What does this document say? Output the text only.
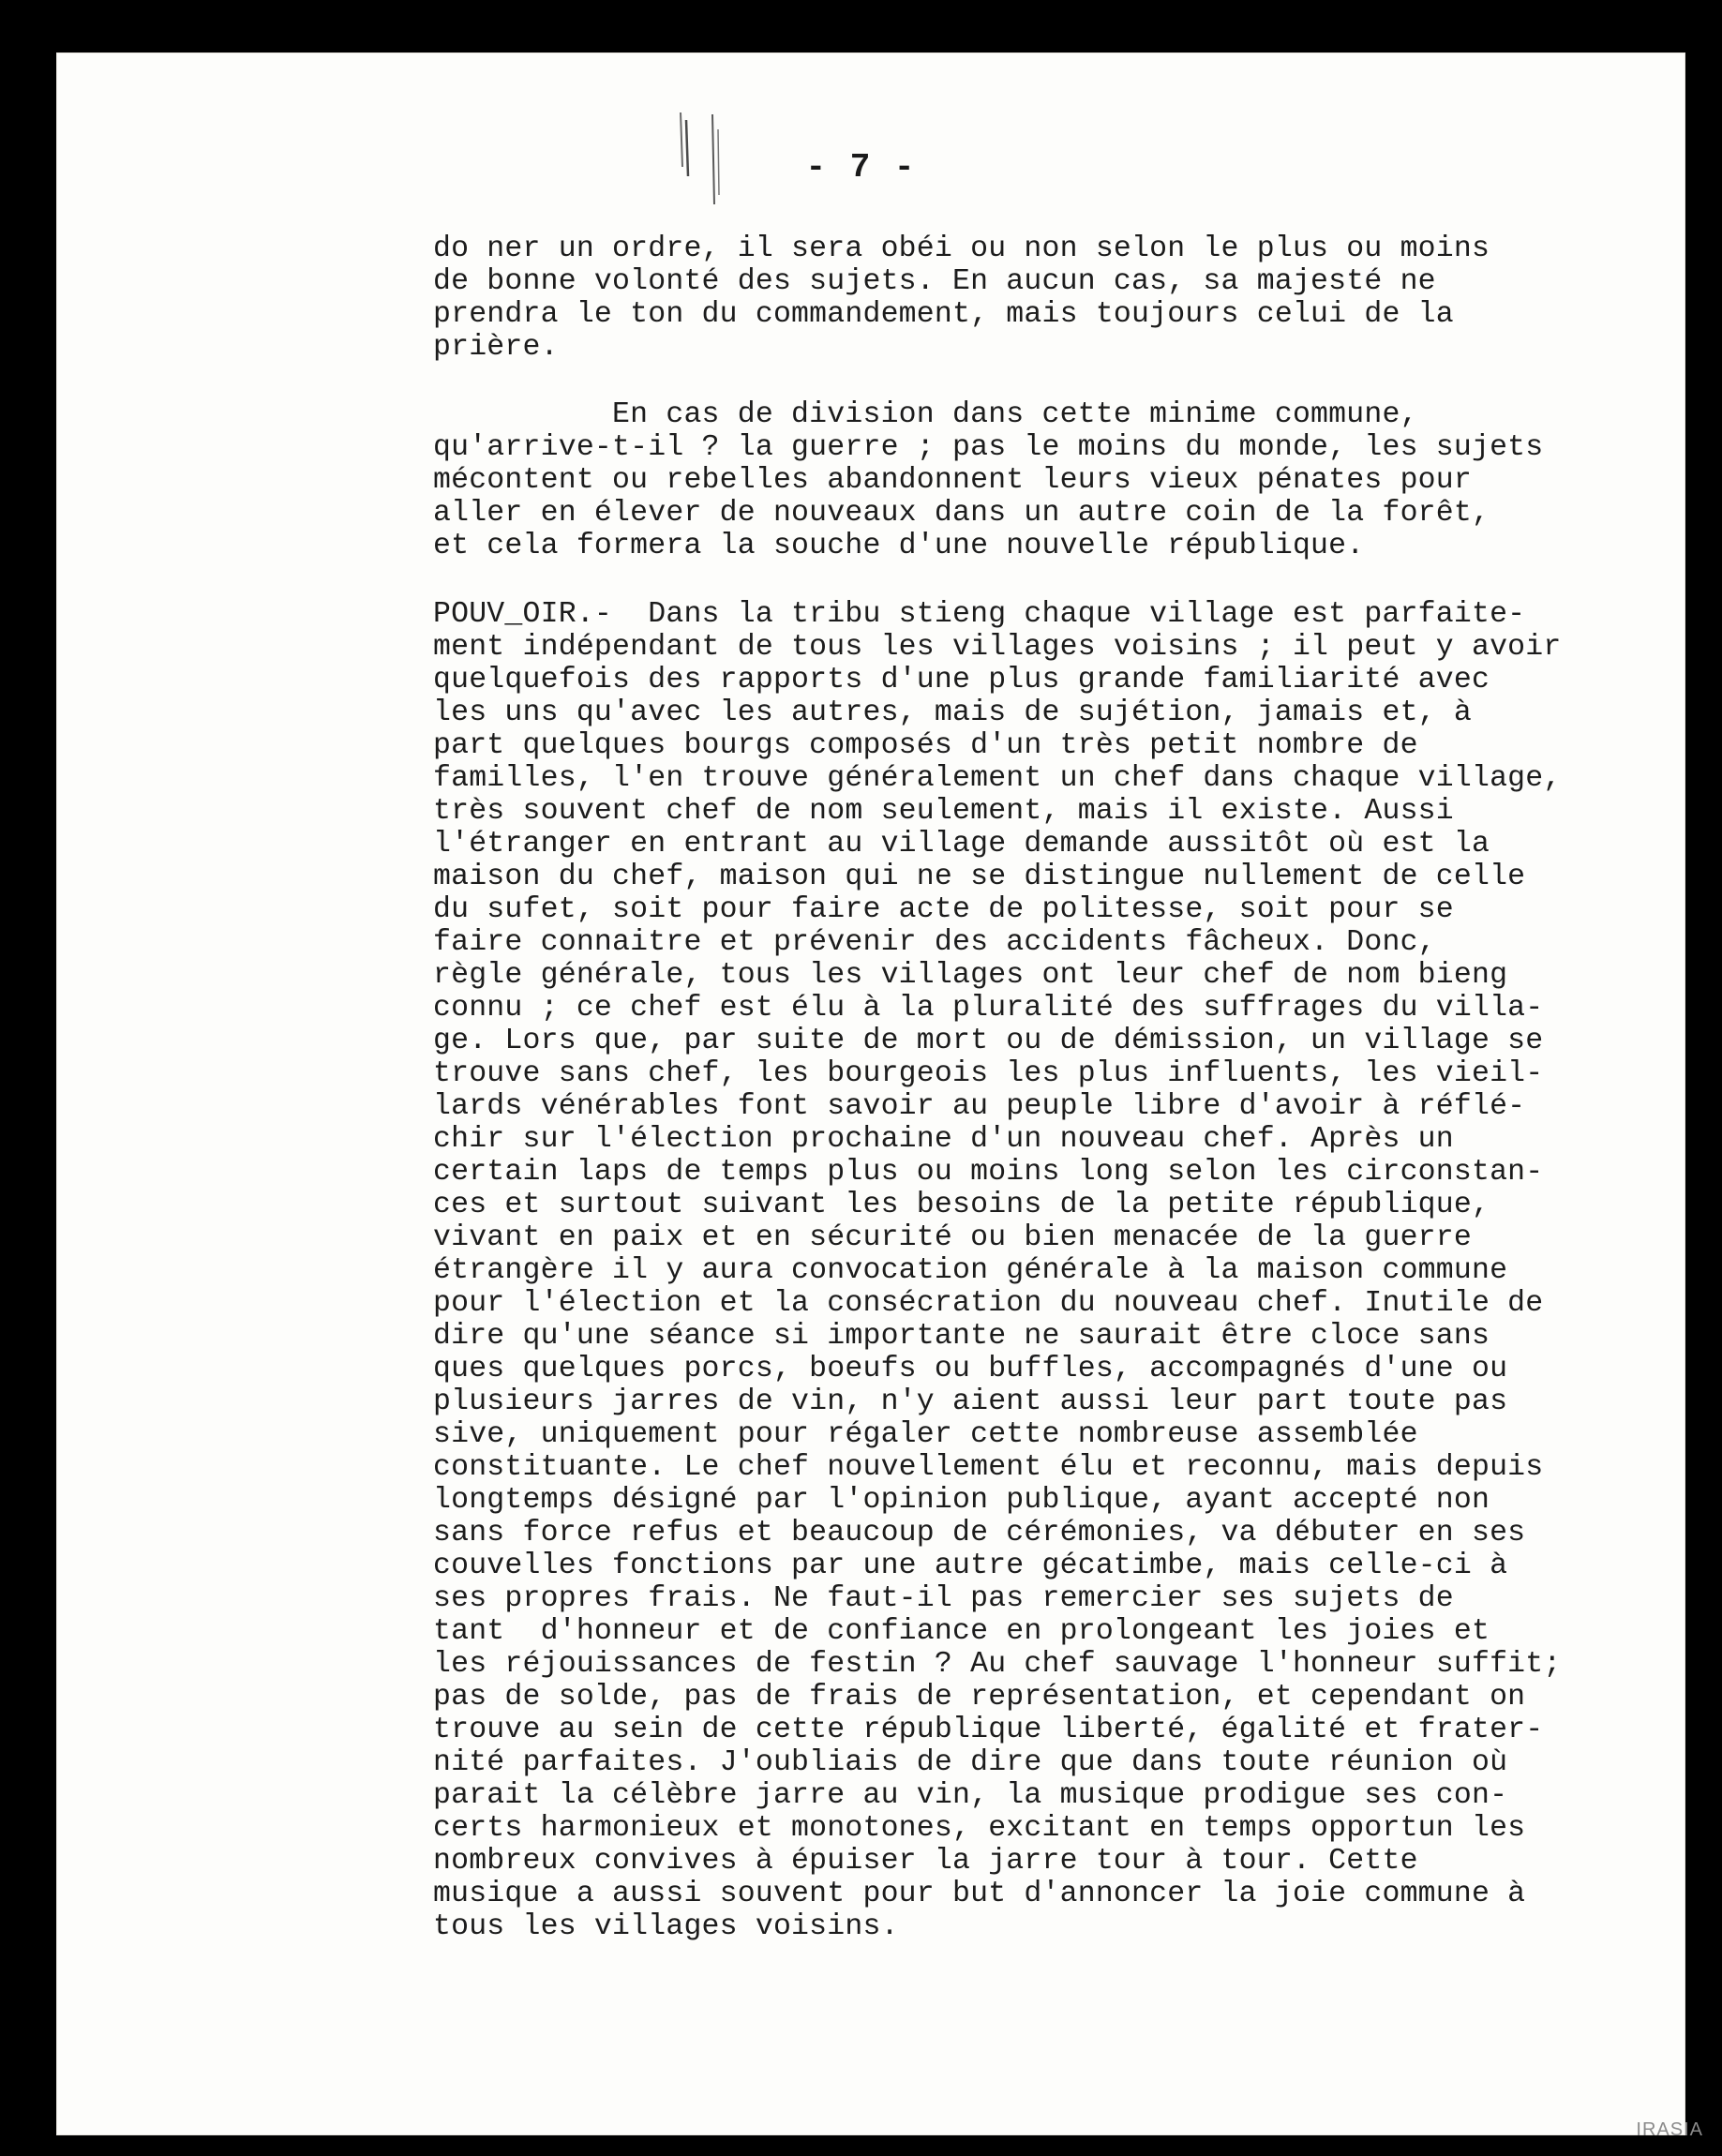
- 7 -
do ner un ordre, il sera obéi ou non selon le plus ou moins
de bonne volonté des sujets. En aucun cas, sa majesté ne
prendra le ton du commandement, mais toujours celui de la
prière.
En cas de division dans cette minime commune,
qu'arrive-t-il ? la guerre ; pas le moins du monde, les sujets
mécontent ou rebelles abandonnent leurs vieux pénates pour
aller en élever de nouveaux dans un autre coin de la forêt,
et cela formera la souche d'une nouvelle république.
POUV_OIR.-  Dans la tribu stieng chaque village est parfaite-
ment indépendant de tous les villages voisins ; il peut y avoir
quelquefois des rapports d'une plus grande familiarité avec
les uns qu'avec les autres, mais de sujétion, jamais et, à
part quelques bourgs composés d'un très petit nombre de
familles, l'en trouve généralement un chef dans chaque village,
très souvent chef de nom seulement, mais il existe. Aussi
l'étranger en entrant au village demande aussitôt où est la
maison du chef, maison qui ne se distingue nullement de celle
du sufet, soit pour faire acte de politesse, soit pour se
faire connaitre et prévenir des accidents fâcheux. Donc,
règle générale, tous les villages ont leur chef de nom bieng
connu ; ce chef est élu à la pluralité des suffrages du villa-
ge. Lors que, par suite de mort ou de démission, un village se
trouve sans chef, les bourgeois les plus influents, les vieil-
lards vénérables font savoir au peuple libre d'avoir à réflé-
chir sur l'élection prochaine d'un nouveau chef. Après un
certain laps de temps plus ou moins long selon les circonstan-
ces et surtout suivant les besoins de la petite république,
vivant en paix et en sécurité ou bien menacée de la guerre
étrangère il y aura convocation générale à la maison commune
pour l'élection et la consécration du nouveau chef. Inutile de
dire qu'une séance si importante ne saurait être cloce sans
ques quelques porcs, boeufs ou buffles, accompagnés d'une ou
plusieurs jarres de vin, n'y aient aussi leur part toute pas
sive, uniquement pour régaler cette nombreuse assemblée
constituante. Le chef nouvellement élu et reconnu, mais depuis
longtemps désigné par l'opinion publique, ayant accepté non
sans force refus et beaucoup de cérémonies, va débuter en ses
couvelles fonctions par une autre gécatimbe, mais celle-ci à
ses propres frais. Ne faut-il pas remercier ses sujets de
tant  d'honneur et de confiance en prolongeant les joies et
les réjouissances de festin ? Au chef sauvage l'honneur suffit;
pas de solde, pas de frais de représentation, et cependant on
trouve au sein de cette république liberté, égalité et frater-
nité parfaites. J'oubliais de dire que dans toute réunion où
parait la célèbre jarre au vin, la musique prodigue ses con-
certs harmonieux et monotones, excitant en temps opportun les
nombreux convives à épuiser la jarre tour à tour. Cette
musique a aussi souvent pour but d'annoncer la joie commune à
tous les villages voisins.
IRASIA
